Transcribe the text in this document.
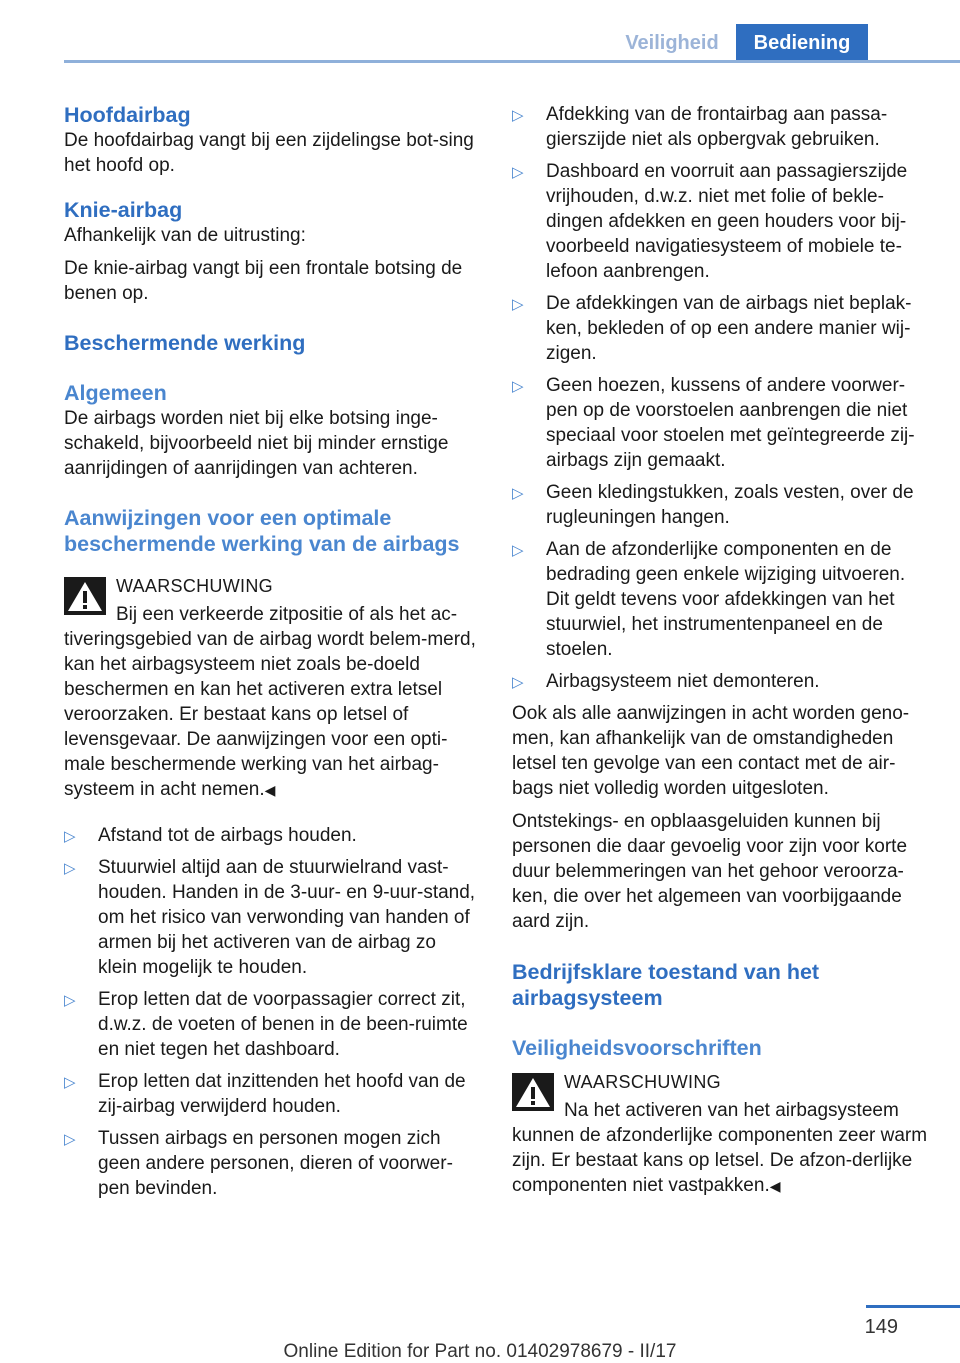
Veiligheid	Bediening
Hoofdairbag

De hoofdairbag vangt bij een zijdelingse bot-sing het hoofd op.

Knie-airbag

Afhankelijk van de uitrusting:

De knie-airbag vangt bij een frontale botsing de benen op.

Beschermende werking
Algemeen

De airbags worden niet bij elke botsing inge-schakeld, bijvoorbeeld niet bij minder ernstige aanrijdingen of aanrijdingen van achteren.

Aanwijzingen voor een optimale beschermende werking van de airbags
WAARSCHUWING
Bij een verkeerde zitpositie of als het ac-tiveringsgebied van de airbag wordt belem-merd, kan het airbagsysteem niet zoals be-doeld beschermen en kan het activeren extra letsel veroorzaken. Er bestaat kans op letsel of levensgevaar. De aanwijzingen voor een opti-male beschermende werking van het airbag-systeem in acht nemen.◀
▷ Afstand tot de airbags houden.
▷ Stuurwiel altijd aan de stuurwielrand vast-houden. Handen in de 3-uur- en 9-uur-stand, om het risico van verwonding van handen of armen bij het activeren van de airbag zo klein mogelijk te houden.
▷ Erop letten dat de voorpassagier correct zit, d.w.z. de voeten of benen in de been-ruimte en niet tegen het dashboard.
▷ Erop letten dat inzittenden het hoofd van de zij-airbag verwijderd houden.
▷ Tussen airbags en personen mogen zich geen andere personen, dieren of voorwer-pen bevinden.
▷ Afdekking van de frontairbag aan passa-gierszijde niet als opbergvak gebruiken.
▷ Dashboard en voorruit aan passagierszijde vrijhouden, d.w.z. niet met folie of bekle-dingen afdekken en geen houders voor bij-voorbeeld navigatiesysteem of mobiele te-lefoon aanbrengen.
▷ De afdekkingen van de airbags niet beplak-ken, bekleden of op een andere manier wij-zigen.
▷ Geen hoezen, kussens of andere voorwer-pen op de voorstoelen aanbrengen die niet speciaal voor stoelen met geïntegreerde zij-airbags zijn gemaakt.
▷ Geen kledingstukken, zoals vesten, over de rugleuningen hangen.
▷ Aan de afzonderlijke componenten en de bedrading geen enkele wijziging uitvoeren. Dit geldt tevens voor afdekkingen van het stuurwiel, het instrumentenpaneel en de stoelen.
▷ Airbagsysteem niet demonteren.

Ook als alle aanwijzingen in acht worden geno-men, kan afhankelijk van de omstandigheden letsel ten gevolge van een contact met de air-bags niet volledig worden uitgesloten.

Ontstekings- en opblaasgeluiden kunnen bij personen die daar gevoelig voor zijn voor korte duur belemmeringen van het gehoor veroorza-ken, die over het algemeen van voorbijgaande aard zijn.

Bedrijfsklare toestand van het airbagsysteem
Veiligheidsvoorschriften
WAARSCHUWING
Na het activeren van het airbagsysteem kunnen de afzonderlijke componenten zeer warm zijn. Er bestaat kans op letsel. De afzon-derlijke componenten niet vastpakken.◀
149
Online Edition for Part no. 01402978679 - II/17
